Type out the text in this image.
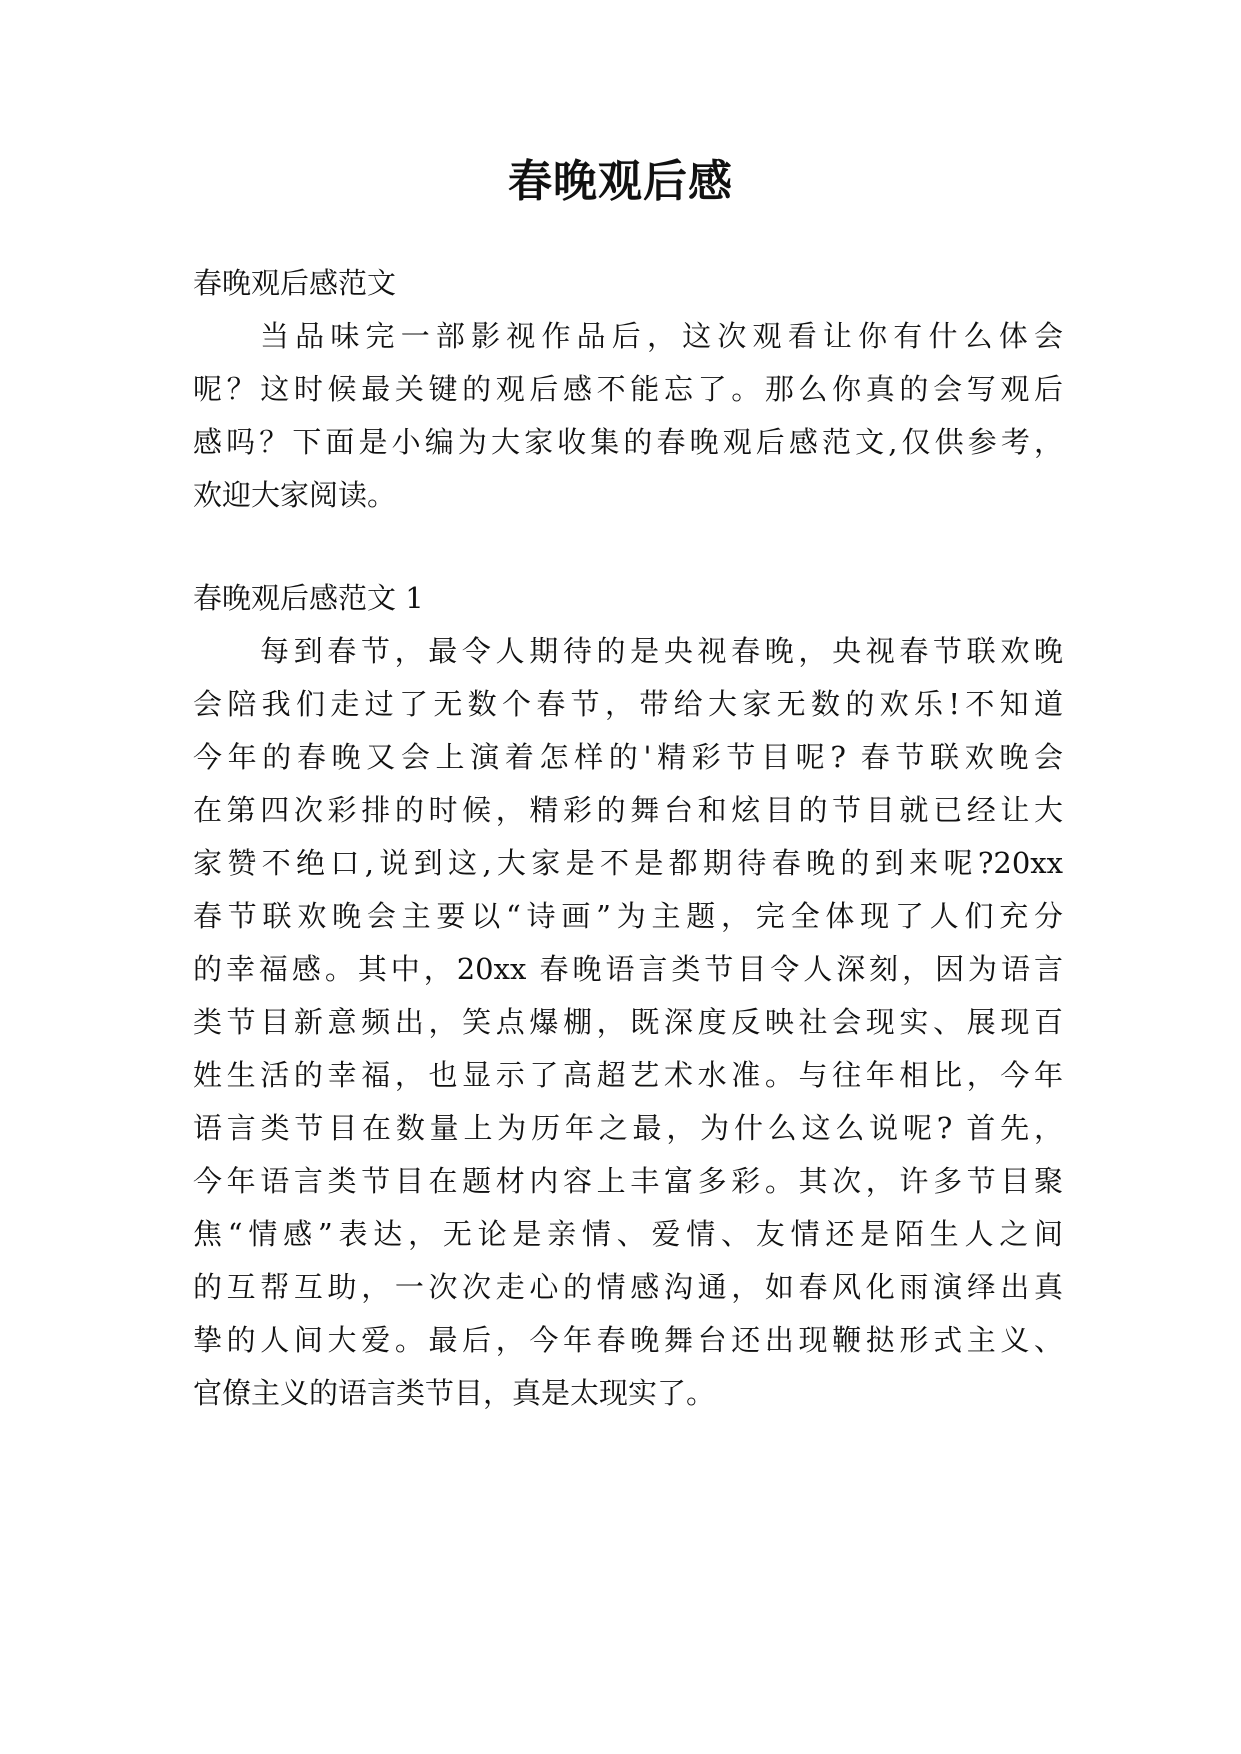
春晚观后感
春晚观后感范文
当品味完一部影视作品后，这次观看让你有什么体会
呢？这时候最关键的观后感不能忘了。那么你真的会写观后
感吗？下面是小编为大家收集的春晚观后感范文,仅供参考，
欢迎大家阅读。
春晚观后感范文 1
每到春节，最令人期待的是央视春晚，央视春节联欢晚
会陪我们走过了无数个春节，带给大家无数的欢乐!不知道
今年的春晚又会上演着怎样的'精彩节目呢? 春节联欢晚会
在第四次彩排的时候，精彩的舞台和炫目的节目就已经让大
家赞不绝口,说到这,大家是不是都期待春晚的到来呢?20xx
春节联欢晚会主要以“诗画”为主题，完全体现了人们充分
的幸福感。其中，20xx 春晚语言类节目令人深刻，因为语言
类节目新意频出，笑点爆棚，既深度反映社会现实、展现百
姓生活的幸福，也显示了高超艺术水准。与往年相比，今年
语言类节目在数量上为历年之最，为什么这么说呢? 首先，
今年语言类节目在题材内容上丰富多彩。其次，许多节目聚
焦“情感”表达，无论是亲情、爱情、友情还是陌生人之间
的互帮互助，一次次走心的情感沟通，如春风化雨演绎出真
挚的人间大爱。最后，今年春晚舞台还出现鞭挞形式主义、
官僚主义的语言类节目，真是太现实了。
